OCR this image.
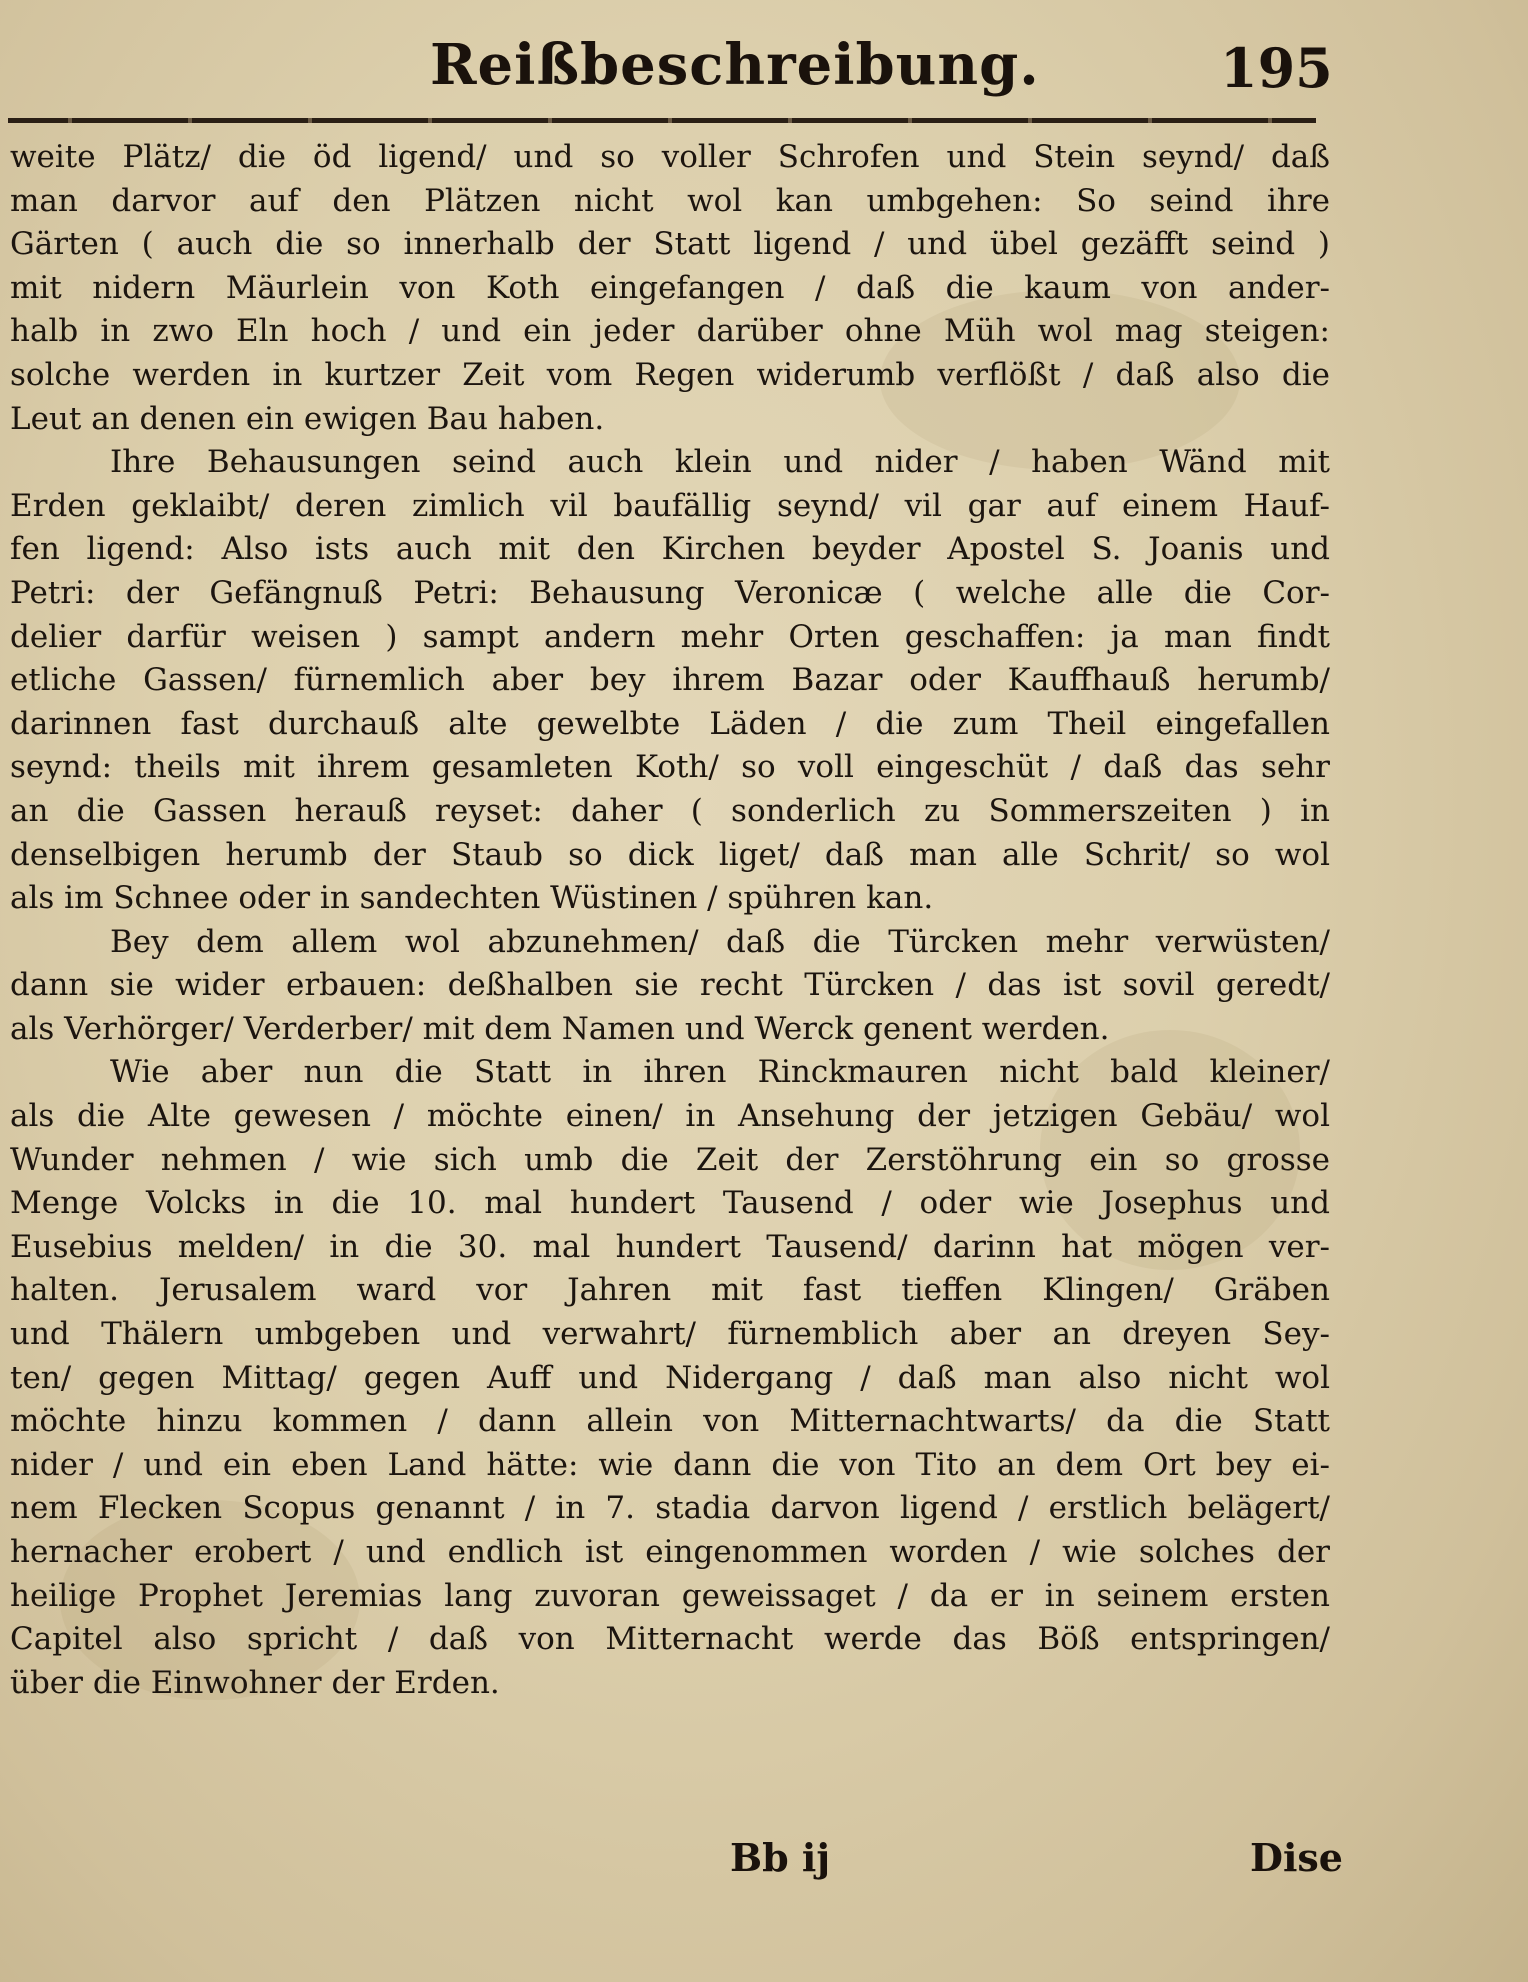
Reißbeschreibung.	195
weite Plätz/ die öd ligend/ und so voller Schrofen und Stein seynd/ daß
man darvor auf den Plätzen nicht wol kan umbgehen: So seind ihre
Gärten ( auch die so innerhalb der Statt ligend / und übel gezäfft seind )
mit nidern Mäurlein von Koth eingefangen / daß die kaum von ander-
halb in zwo Eln hoch / und ein jeder darüber ohne Müh wol mag steigen:
solche werden in kurtzer Zeit vom Regen widerumb verflößt / daß also die
Leut an denen ein ewigen Bau haben.
Ihre Behausungen seind auch klein und nider / haben Wänd mit
Erden geklaibt/ deren zimlich vil baufällig seynd/ vil gar auf einem Hauf-
fen ligend: Also ists auch mit den Kirchen beyder Apostel S. Joanis und
Petri: der Gefängnuß Petri: Behausung Veronicæ ( welche alle die Cor-
delier darfür weisen ) sampt andern mehr Orten geschaffen: ja man findt
etliche Gassen/ fürnemlich aber bey ihrem Bazar oder Kauffhauß herumb/
darinnen fast durchauß alte gewelbte Läden / die zum Theil eingefallen
seynd: theils mit ihrem gesamleten Koth/ so voll eingeschüt / daß das sehr
an die Gassen herauß reyset: daher ( sonderlich zu Sommerszeiten ) in
denselbigen herumb der Staub so dick liget/ daß man alle Schrit/ so wol
als im Schnee oder in sandechten Wüstinen / spühren kan.
Bey dem allem wol abzunehmen/ daß die Türcken mehr verwüsten/
dann sie wider erbauen: deßhalben sie recht Türcken / das ist sovil geredt/
als Verhörger/ Verderber/ mit dem Namen und Werck genent werden.
Wie aber nun die Statt in ihren Rinckmauren nicht bald kleiner/
als die Alte gewesen / möchte einen/ in Ansehung der jetzigen Gebäu/ wol
Wunder nehmen / wie sich umb die Zeit der Zerstöhrung ein so grosse
Menge Volcks in die 10. mal hundert Tausend / oder wie Josephus und
Eusebius melden/ in die 30. mal hundert Tausend/ darinn hat mögen ver-
halten. Jerusalem ward vor Jahren mit fast tieffen Klingen/ Gräben
und Thälern umbgeben und verwahrt/ fürnemblich aber an dreyen Sey-
ten/ gegen Mittag/ gegen Auff und Nidergang / daß man also nicht wol
möchte hinzu kommen / dann allein von Mitternachtwarts/ da die Statt
nider / und ein eben Land hätte: wie dann die von Tito an dem Ort bey ei-
nem Flecken Scopus genannt / in 7. stadia darvon ligend / erstlich belägert/
hernacher erobert / und endlich ist eingenommen worden / wie solches der
heilige Prophet Jeremias lang zuvoran geweissaget / da er in seinem ersten
Capitel also spricht / daß von Mitternacht werde das Böß entspringen/
über die Einwohner der Erden.
Bb ij	Dise
